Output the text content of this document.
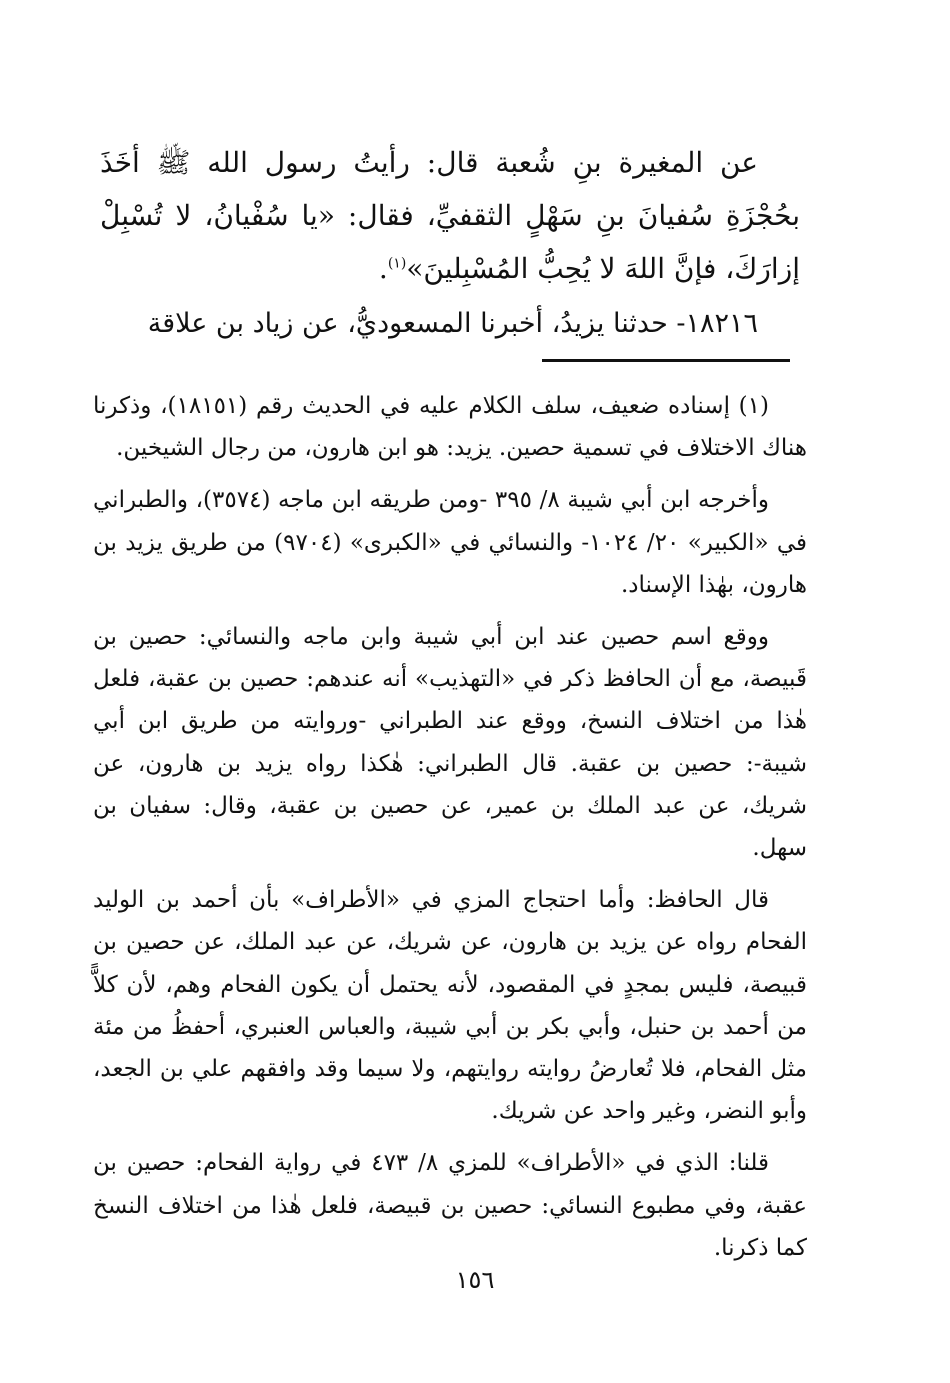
عن المغيرة بنِ شُعبة قال: رأيتُ رسول الله ﷺ أخَذَ بحُجْزَةِ سُفيانَ بنِ سَهْلٍ الثقفيِّ، فقال: «يا سُفْيانُ، لا تُسْبِلْ إزارَكَ، فإنَّ اللهَ لا يُحِبُّ المُسْبِلينَ»$^{(١)}$.

١٨٢١٦- حدثنا يزيدُ، أخبرنا المسعوديُّ، عن زياد بن علاقة

(١) إسناده ضعيف، سلف الكلام عليه في الحديث رقم (١٨١٥١)، وذكرنا هناك الاختلاف في تسمية حصين. يزيد: هو ابن هارون، من رجال الشيخين.

وأخرجه ابن أبي شيبة ٨/ ٣٩٥ -ومن طريقه ابن ماجه (٣٥٧٤)، والطبراني في «الكبير» ٢٠/ ١٠٢٤- والنسائي في «الكبرى» (٩٧٠٤) من طريق يزيد بن هارون، بهٰذا الإسناد.

ووقع اسم حصين عند ابن أبي شيبة وابن ماجه والنسائي: حصين بن قَبيصة، مع أن الحافظ ذكر في «التهذيب» أنه عندهم: حصين بن عقبة، فلعل هٰذا من اختلاف النسخ، ووقع عند الطبراني -وروايته من طريق ابن أبي شيبة-: حصين بن عقبة. قال الطبراني: هٰكذا رواه يزيد بن هارون، عن شريك، عن عبد الملك بن عمير، عن حصين بن عقبة، وقال: سفيان بن سهل.

قال الحافظ: وأما احتجاج المزي في «الأطراف» بأن أحمد بن الوليد الفحام رواه عن يزيد بن هارون، عن شريك، عن عبد الملك، عن حصين بن قبيصة، فليس بمجدٍ في المقصود، لأنه يحتمل أن يكون الفحام وهم، لأن كلاًّ من أحمد بن حنبل، وأبي بكر بن أبي شيبة، والعباس العنبري، أحفظُ من مئة مثل الفحام، فلا تُعارضُ روايته روايتهم، ولا سيما وقد وافقهم علي بن الجعد، وأبو النضر، وغير واحد عن شريك.

قلنا: الذي في «الأطراف» للمزي ٨/ ٤٧٣ في رواية الفحام: حصين بن عقبة، وفي مطبوع النسائي: حصين بن قبيصة، فلعل هٰذا من اختلاف النسخ كما ذكرنا.

١٥٦
